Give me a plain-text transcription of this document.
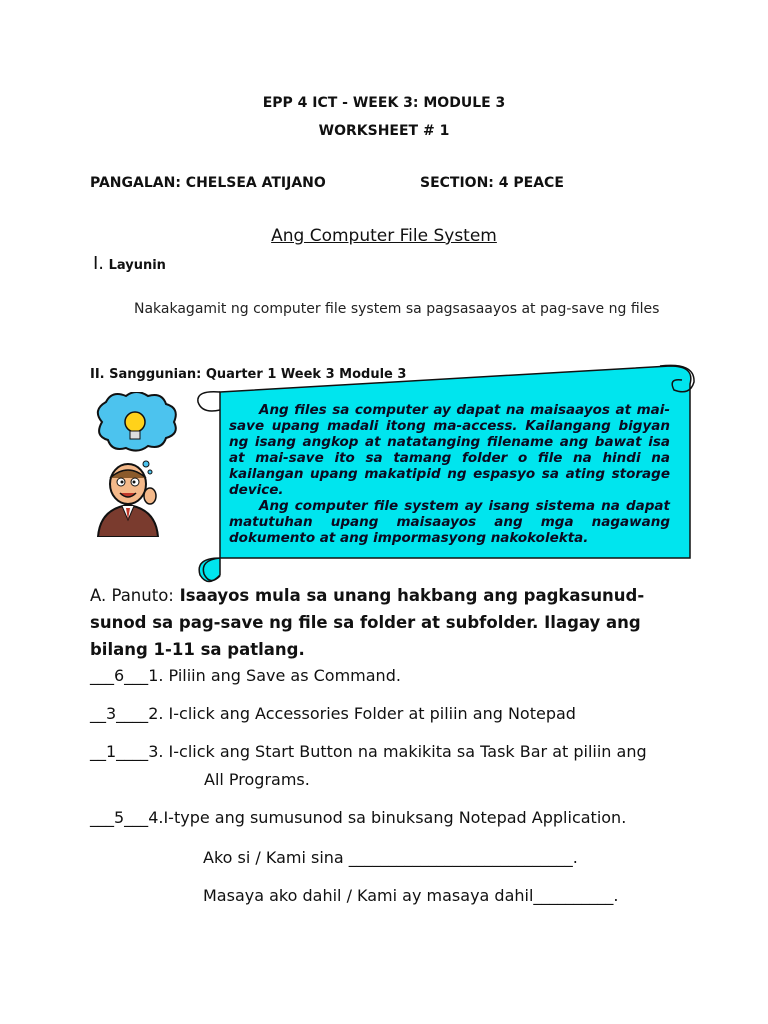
EPP 4 ICT - WEEK 3: MODULE 3
WORKSHEET # 1
PANGALAN: CHELSEA ATIJANO	SECTION: 4 PEACE
Ang Computer File System
I. Layunin
Nakakagamit ng computer file system sa pagsasaayos at pag-save ng files
II. Sanggunian: Quarter 1 Week 3 Module 3
Ang files sa computer ay dapat na maisaayos at mai-save upang madali itong ma-access. Kailangang bigyan ng isang angkop at natatanging filename ang bawat isa at mai-save ito sa tamang folder o file na hindi na kailangan upang makatipid ng espasyo sa ating storage device.
Ang computer file system ay isang sistema na dapat matutuhan upang maisaayos ang mga nagawang dokumento at ang impormasyong nakokolekta.
A. Panuto: Isaayos mula sa unang hakbang ang pagkasunud-sunod sa pag-save ng file sa folder at subfolder. Ilagay ang bilang 1-11 sa patlang.
___6___1. Piliin ang Save as Command.
__3____2. I-click ang Accessories Folder at piliin ang Notepad
__1____3. I-click ang Start Button na makikita sa Task Bar at piliin ang
All Programs.
___5___4.I-type ang sumusunod sa binuksang Notepad Application.
Ako si / Kami sina ____________________________.
Masaya ako dahil / Kami ay masaya dahil__________.
